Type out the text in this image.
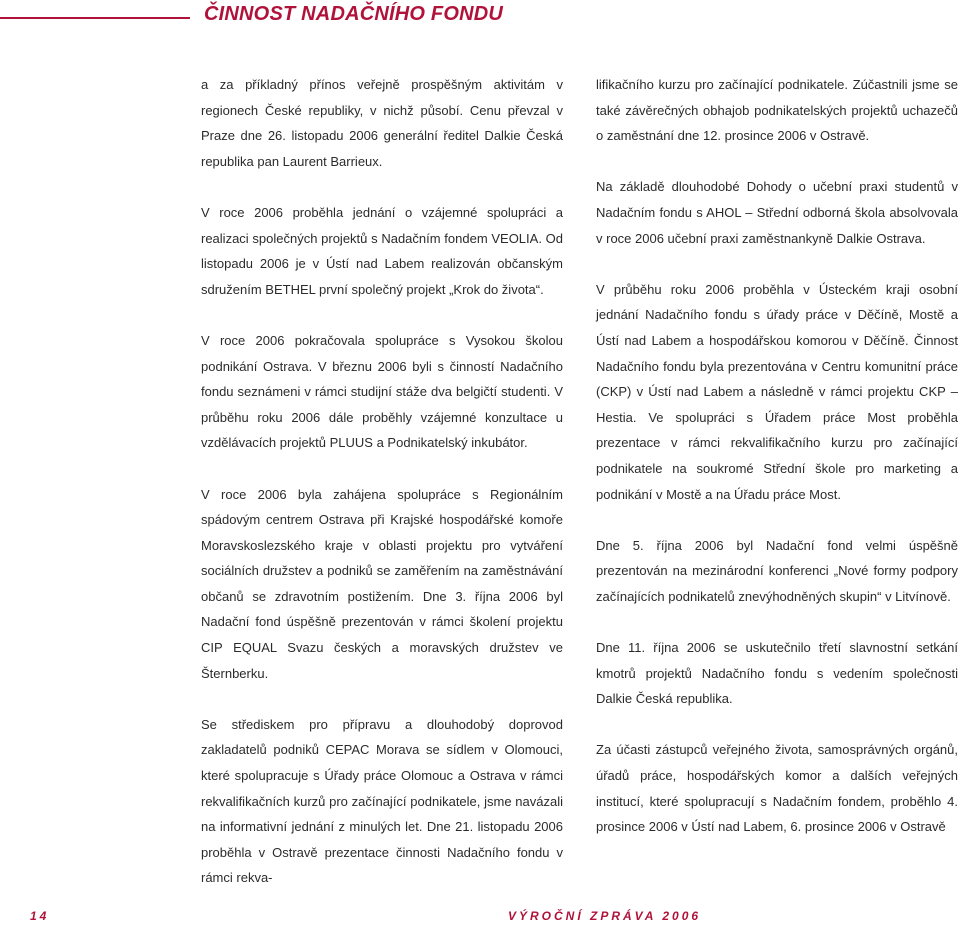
ČINNOST NADAČNÍHO FONDU

a za příkladný přínos veřejně prospěšným aktivitám v regionech České republiky, v nichž působí. Cenu převzal v Praze dne 26. listopadu 2006 generální ředitel Dalkie Česká republika pan Laurent Barrieux.

V roce 2006 proběhla jednání o vzájemné spolupráci a realizaci společných projektů s Nadačním fondem VEOLIA. Od listopadu 2006 je v Ústí nad Labem realizován občanským sdružením BETHEL první společný projekt „Krok do života“.

V roce 2006 pokračovala spolupráce s Vysokou školou podnikání Ostrava. V březnu 2006 byli s činností Nadačního fondu seznámeni v rámci studijní stáže dva belgičtí studenti. V průběhu roku 2006 dále proběhly vzájemné konzultace u vzdělávacích projektů PLUUS a Podnikatelský inkubátor.

V roce 2006 byla zahájena spolupráce s Regionálním spádovým centrem Ostrava při Krajské hospodářské komoře Moravskoslezského kraje v oblasti projektu pro vytváření sociálních družstev a podniků se zaměřením na zaměstnávání občanů se zdravotním postižením. Dne 3. října 2006 byl Nadační fond úspěšně prezentován v rámci školení projektu CIP EQUAL Svazu českých a moravských družstev ve Šternberku.

Se střediskem pro přípravu a dlouhodobý doprovod zakladatelů podniků CEPAC Morava se sídlem v Olomouci, které spolupracuje s Úřady práce Olomouc a Ostrava v rámci rekvalifikačních kurzů pro začínající podnikatele, jsme navázali na informativní jednání z minulých let. Dne 21. listopadu 2006 proběhla v Ostravě prezentace činnosti Nadačního fondu v rámci rekva-

lifikačního kurzu pro začínající podnikatele. Zúčastnili jsme se také závěrečných obhajob podnikatelských projektů uchazečů o zaměstnání dne 12. prosince 2006 v Ostravě.

Na základě dlouhodobé Dohody o učební praxi studentů v Nadačním fondu s AHOL – Střední odborná škola absolvovala v roce 2006 učební praxi zaměstnankyně Dalkie Ostrava.

V průběhu roku 2006 proběhla v Ústeckém kraji osobní jednání Nadačního fondu s úřady práce v Děčíně, Mostě a Ústí nad Labem a hospodářskou komorou v Děčíně. Činnost Nadačního fondu byla prezentována v Centru komunitní práce (CKP) v Ústí nad Labem a následně v rámci projektu CKP – Hestia. Ve spolupráci s Úřadem práce Most proběhla prezentace v rámci rekvalifikačního kurzu pro začínající podnikatele na soukromé Střední škole pro marketing a podnikání v Mostě a na Úřadu práce Most.

Dne 5. října 2006 byl Nadační fond velmi úspěšně prezentován na mezinárodní konferenci „Nové formy podpory začínajících podnikatelů znevýhodněných skupin“ v Litvínově.

Dne 11. října 2006 se uskutečnilo třetí slavnostní setkání kmotrů projektů Nadačního fondu s vedením společnosti Dalkie Česká republika.

Za účasti zástupců veřejného života, samosprávných orgánů, úřadů práce, hospodářských komor a dalších veřejných institucí, které spolupracují s Nadačním fondem, proběhlo 4. prosince 2006 v Ústí nad Labem, 6. prosince 2006 v Ostravě

14	VÝROČNÍ ZPRÁVA 2006
